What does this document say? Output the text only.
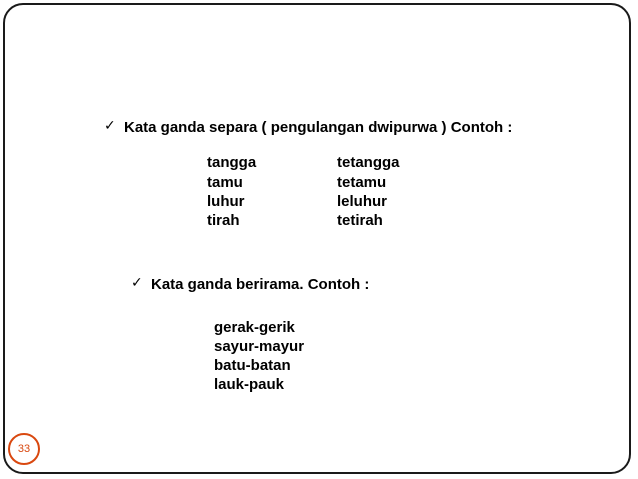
✓ Kata ganda separa ( pengulangan dwipurwa ) Contoh :
tangga
tamu
luhur
tirah
tetangga
tetamu
leluhur
tetirah
✓ Kata ganda berirama. Contoh :
gerak-gerik
sayur-mayur
batu-batan
lauk-pauk
33
